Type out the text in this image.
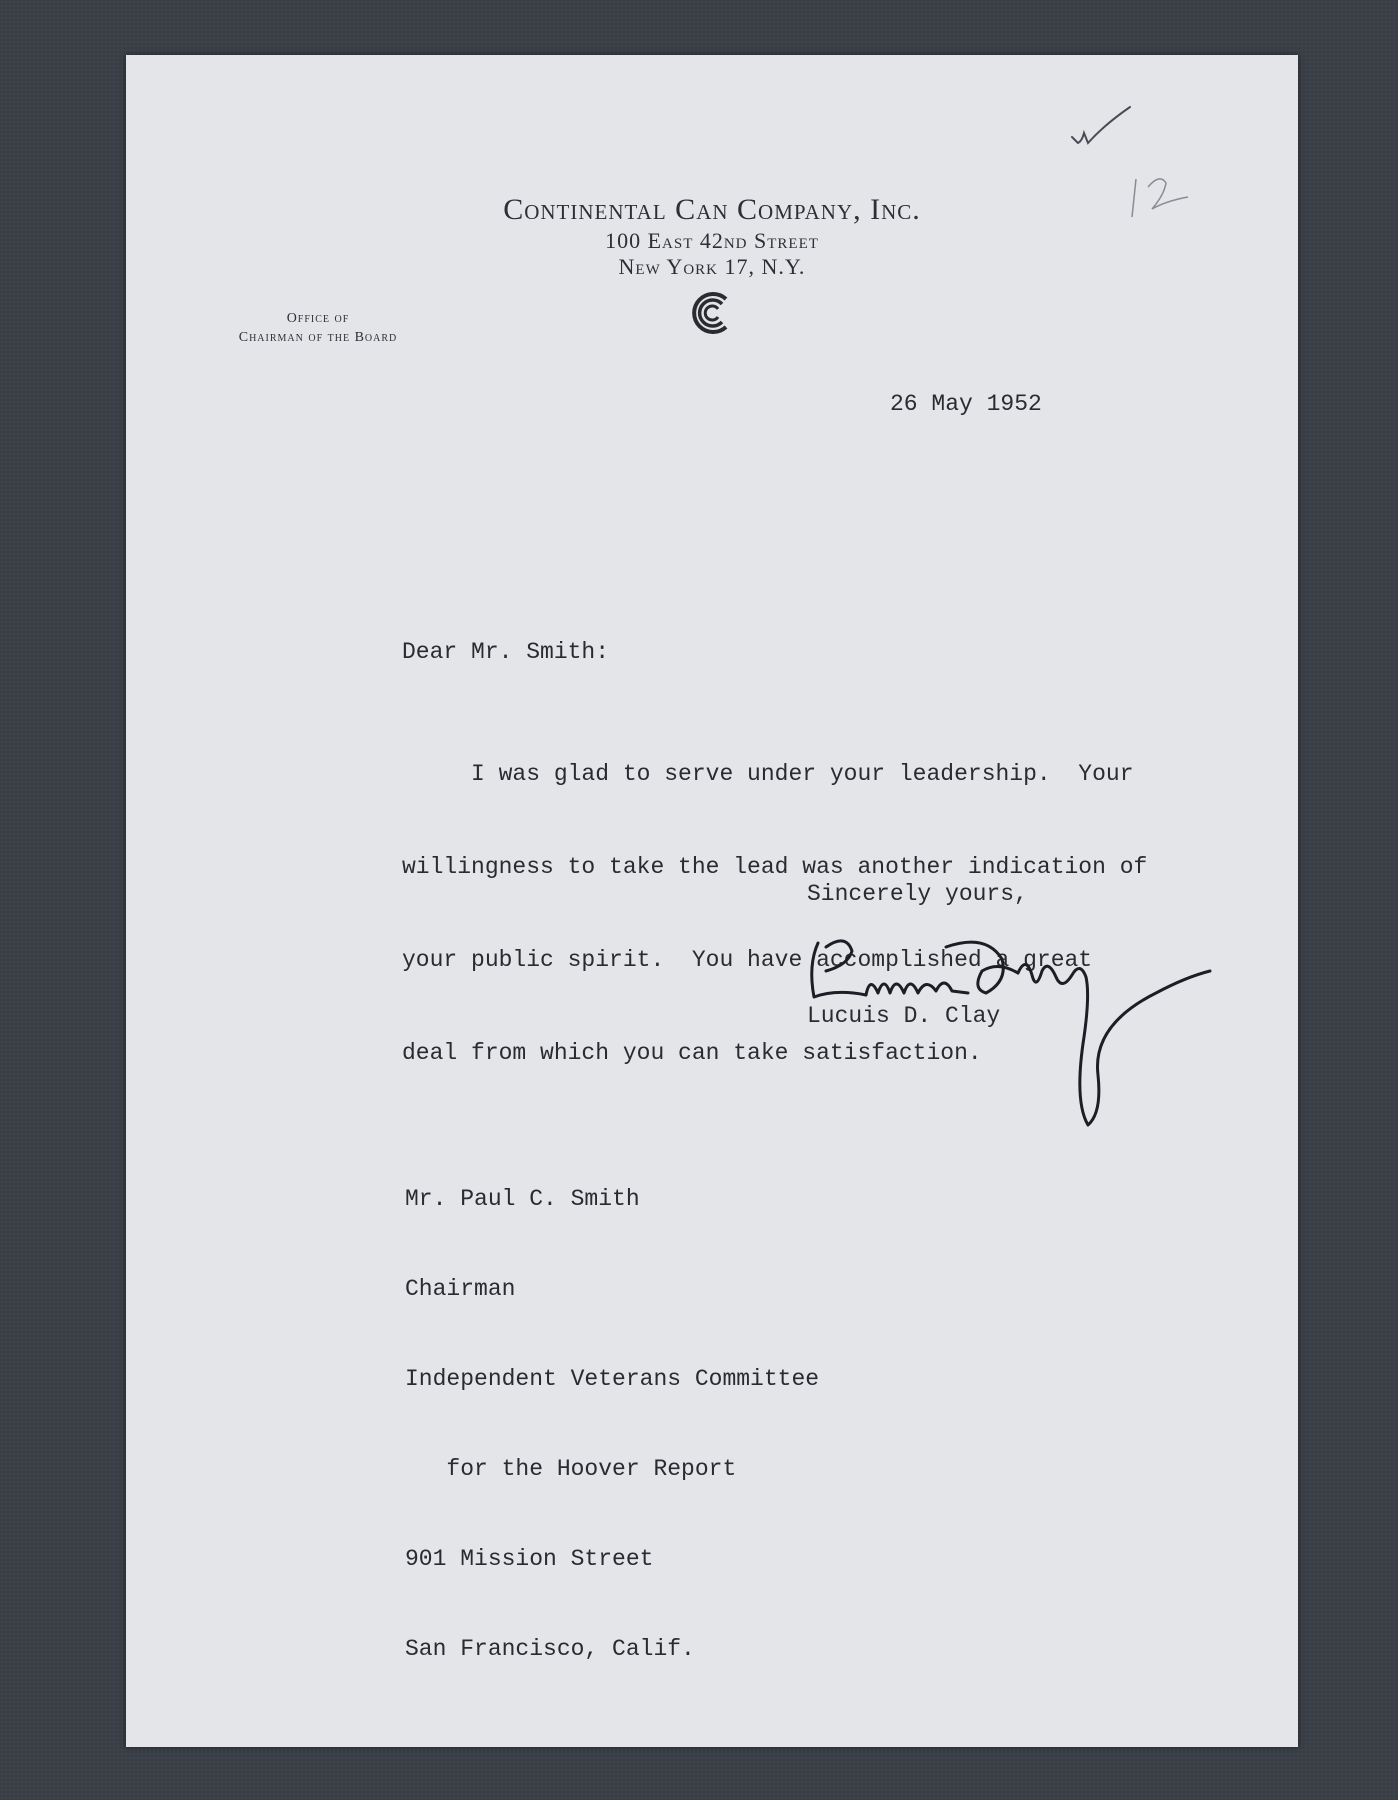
Continental Can Company, Inc.
100 East 42nd Street
New York 17, N.Y.
Office of
Chairman of the Board
26 May 1952
Dear Mr. Smith:

I was glad to serve under your leadership.  Your

willingness to take the lead was another indication of

your public spirit.  You have accomplished a great

deal from which you can take satisfaction.

Sincerely yours,
Lucuis D. Clay

Mr. Paul C. Smith

Chairman

Independent Veterans Committee

for the Hoover Report

901 Mission Street

San Francisco, Calif.
